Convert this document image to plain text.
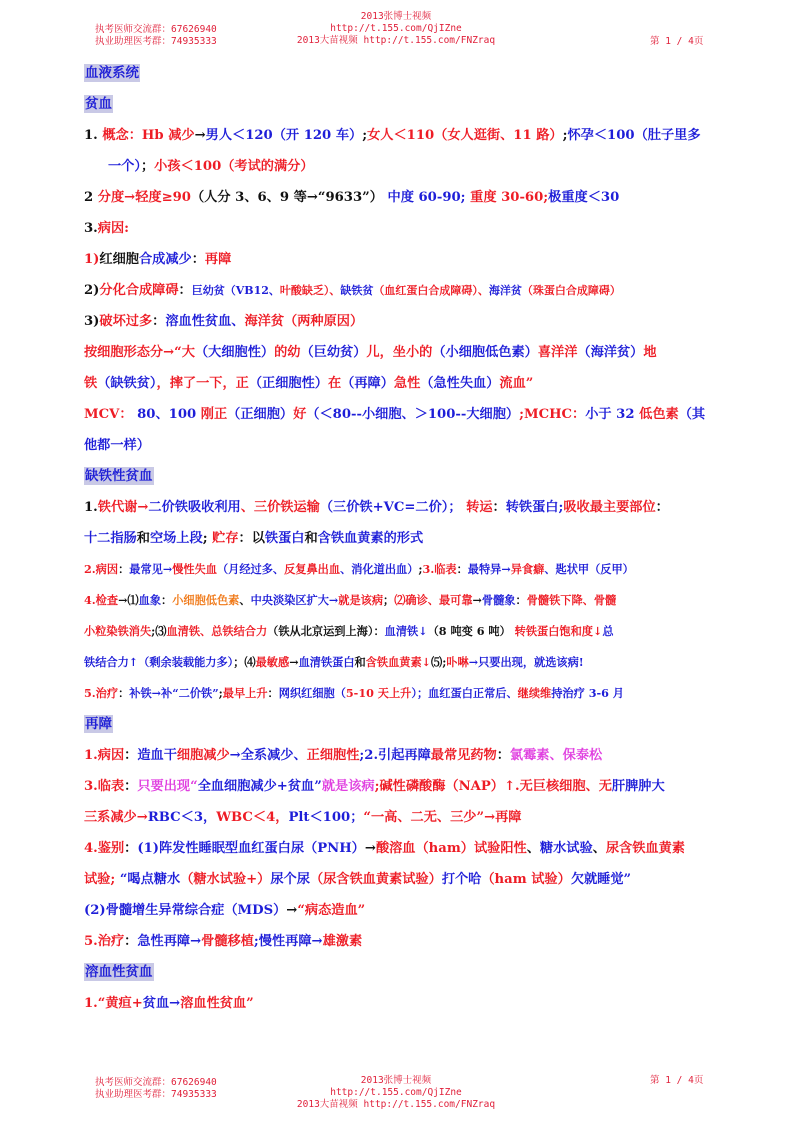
执考医师交流群：67626940
执业助理医考群：74935333
2013张博士视频http://t.155.com/QjIZne
2013大苗视频 http://t.155.com/FNZraq	第 1 / 4页
血液系统
贫血
1. 概念：Hb 减少→男人＜120（开 120 车）;女人＜110（女人逛街、11 路）;怀孕＜100（肚子里多
一个）；小孩＜100（考试的满分）
2 分度→轻度≥90（人分 3、6、9 等→“9633”） 中度 60-90; 重度 30-60;极重度＜30
3.病因:
1)红细胞合成减少：再障
2)分化合成障碍：巨幼贫（VB12、叶酸缺乏）、缺铁贫（血红蛋白合成障碍）、海洋贫（珠蛋白合成障碍）
3)破坏过多：溶血性贫血、海洋贫（两种原因）
按细胞形态分→“大（大细胞性）的幼（巨幼贫）儿，坐小的（小细胞低色素）喜洋洋（海洋贫）地
铁（缺铁贫），摔了一下，正（正细胞性）在（再障）急性（急性失血）流血”
MCV： 80、100 刚正（正细胞）好（＜80--小细胞、＞100--大细胞）;MCHC：小于 32 低色素（其
他都一样）
缺铁性贫血
1.铁代谢→二价铁吸收利用、三价铁运输（三价铁+VC=二价）； 转运：转铁蛋白;吸收最主要部位：
十二指肠和空场上段; 贮存：以铁蛋白和含铁血黄素的形式
2.病因：最常见→慢性失血（月经过多、反复鼻出血、消化道出血）;3.临表：最特异→异食癖、匙状甲（反甲）
4.检查→⑴血象：小细胞低色素、中央淡染区扩大→就是该病；⑵确诊、最可靠→骨髓象：骨髓铁下降、骨髓
小粒染铁消失;⑶血清铁、总铁结合力（铁从北京运到上海）：血清铁↓（8 吨变 6 吨） 转铁蛋白饱和度↓总
铁结合力↑（剩余装载能力多）；⑷最敏感→血清铁蛋白和含铁血黄素↓⑸;卟啉→只要出现，就选该病!
5.治疗：补铁→补“二价铁”;最早上升：网织红细胞（5-10 天上升）；血红蛋白正常后、继续维持治疗 3-6 月
再障
1.病因：造血干细胞减少→全系减少、正细胞性;2.引起再障最常见药物：氯霉素、保泰松
3.临表：只要出现“全血细胞减少+贫血”就是该病;碱性磷酸酶（NAP）↑.无巨核细胞、无肝脾肿大
三系减少→RBC＜3，WBC＜4，Plt＜100；“一高、二无、三少”→再障
4.鉴别：(1)阵发性睡眠型血红蛋白尿（PNH）→酸溶血（ham）试验阳性、糖水试验、尿含铁血黄素
试验; “喝点糖水（糖水试验+）尿个尿（尿含铁血黄素试验）打个哈（ham 试验）欠就睡觉”
(2)骨髓增生异常综合症（MDS）→“病态造血”
5.治疗：急性再障→骨髓移植;慢性再障→雄激素
溶血性贫血
1.“黄疸+贫血→溶血性贫血”
执考医师交流群：67626940
执业助理医考群：74935333
2013张博士视频http://t.155.com/QjIZne
2013大苗视频 http://t.155.com/FNZraq
第 1 / 4页
